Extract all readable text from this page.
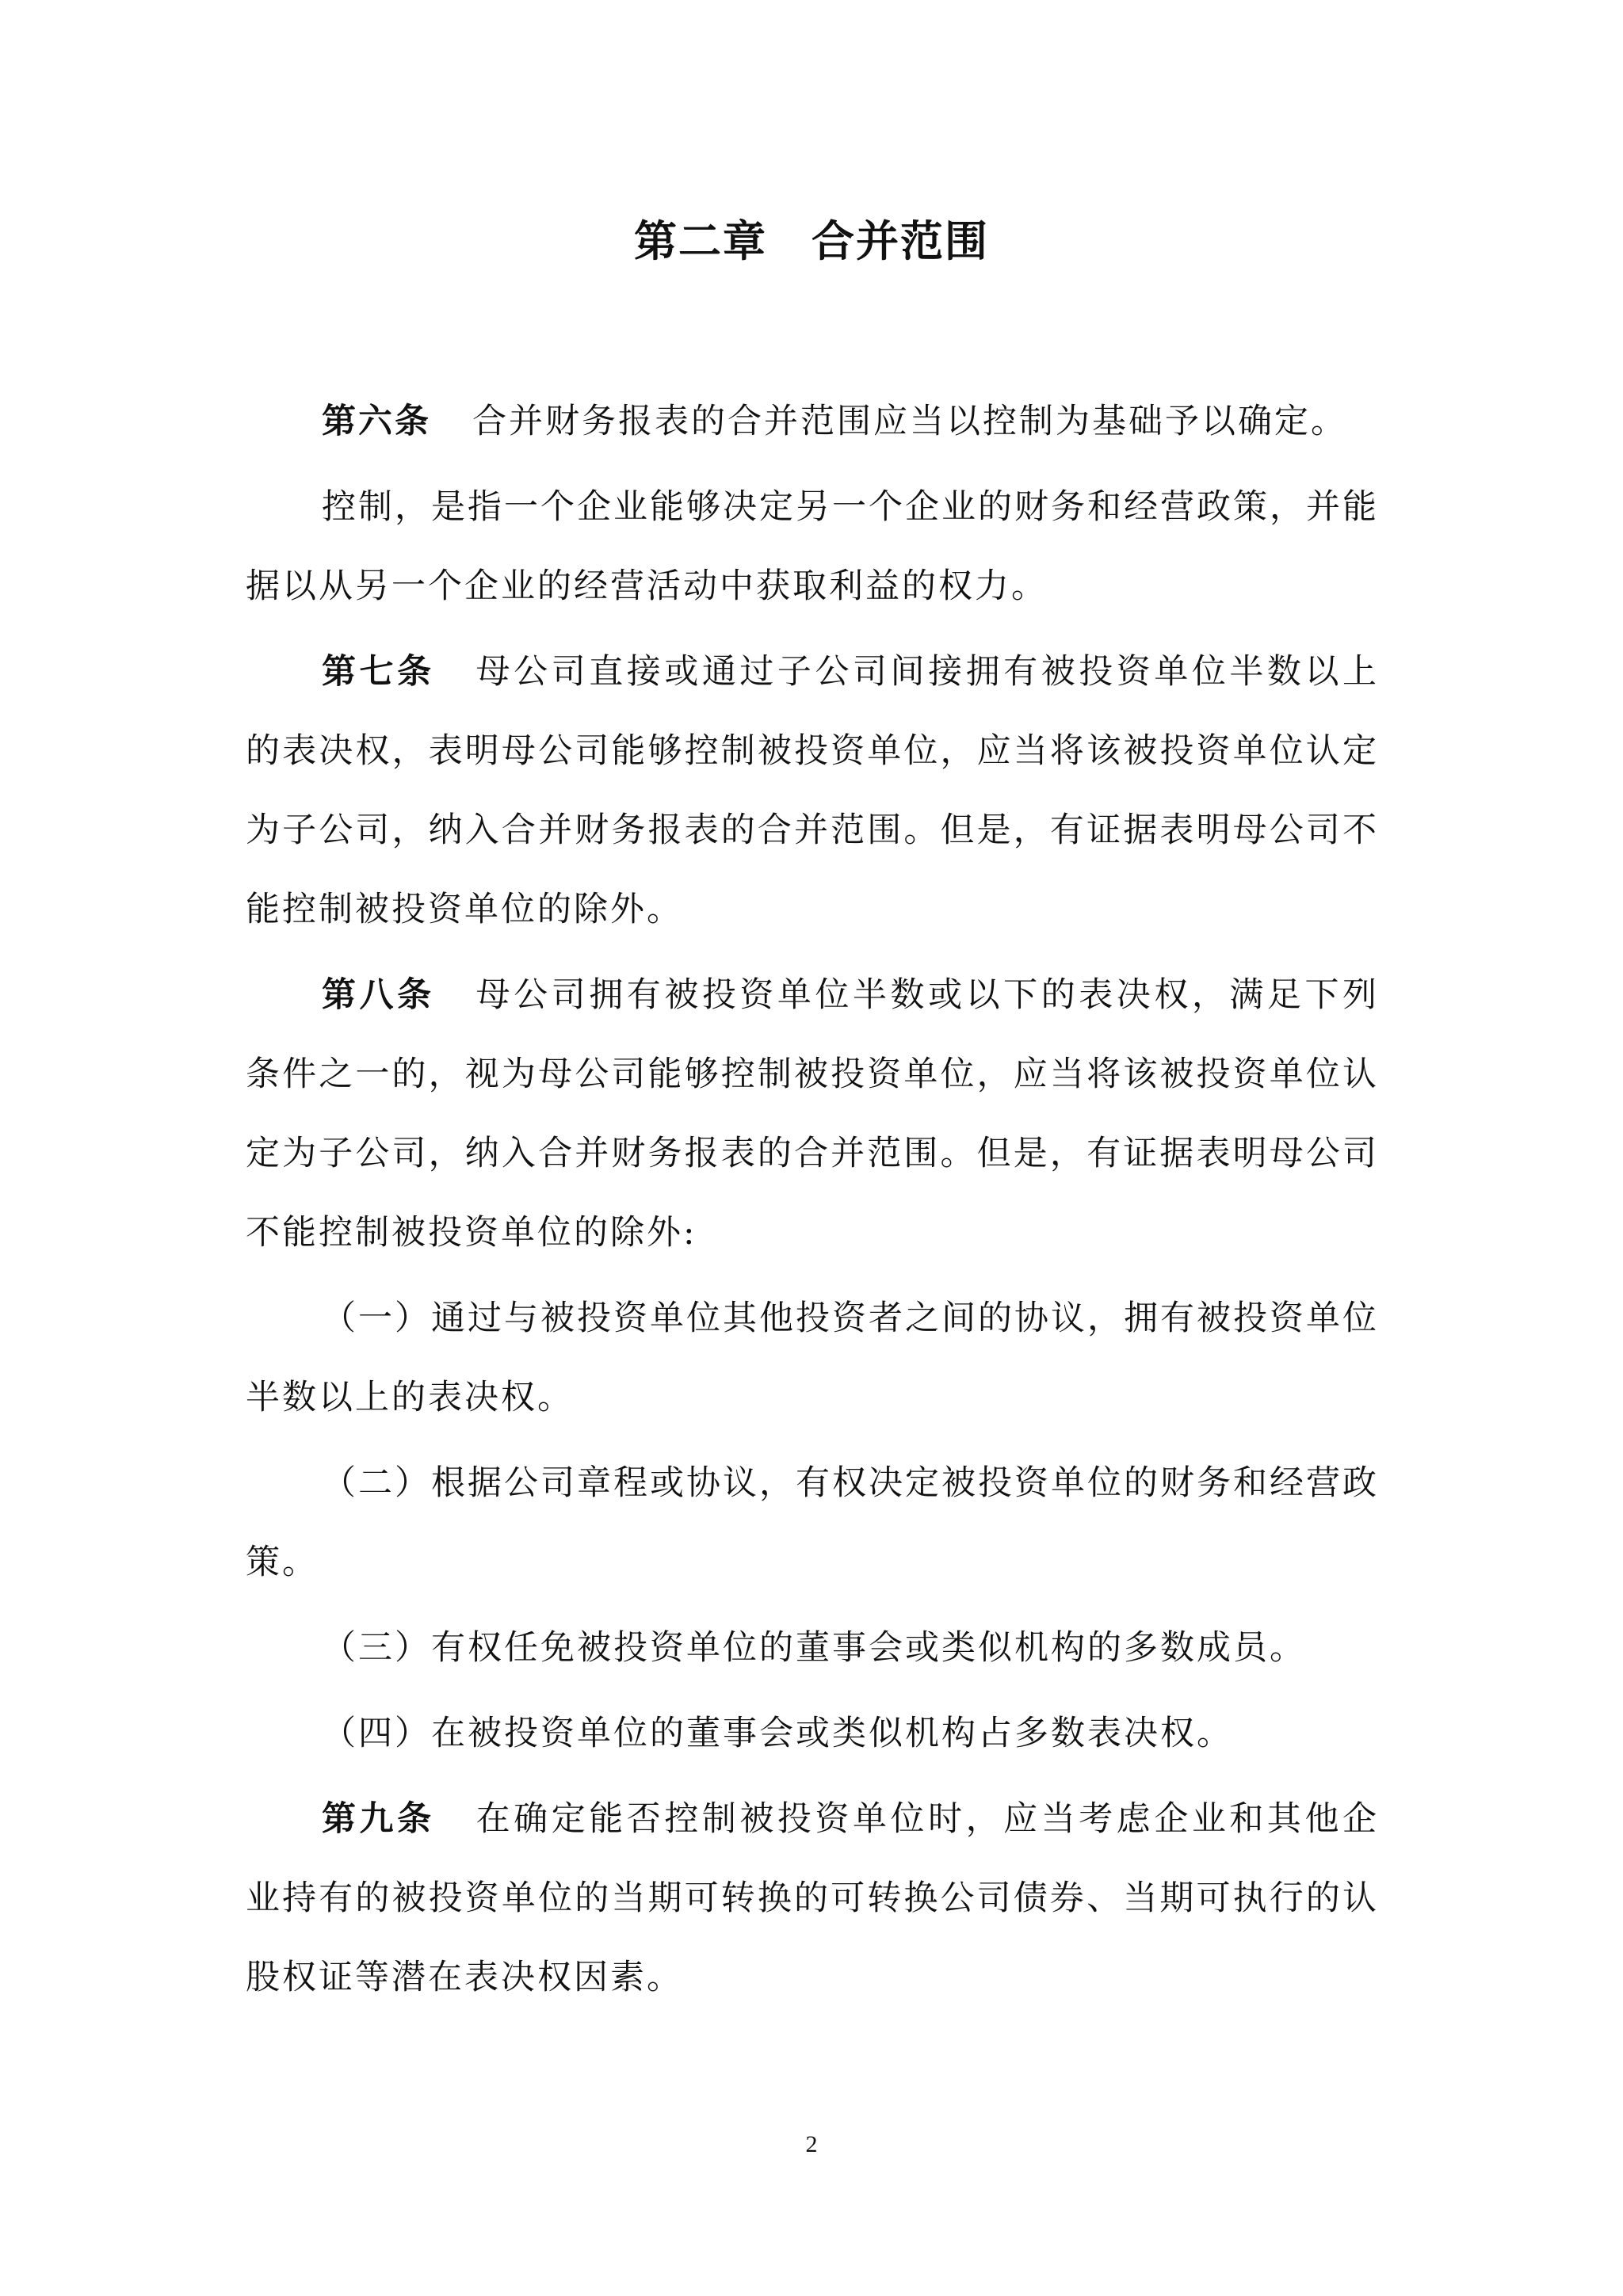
第二章　合并范围

第六条 合并财务报表的合并范围应当以控制为基础予以确定。

控制，是指一个企业能够决定另一个企业的财务和经营政策，并能据以从另一个企业的经营活动中获取利益的权力。

第七条 母公司直接或通过子公司间接拥有被投资单位半数以上的表决权，表明母公司能够控制被投资单位，应当将该被投资单位认定为子公司，纳入合并财务报表的合并范围。但是，有证据表明母公司不能控制被投资单位的除外。

第八条 母公司拥有被投资单位半数或以下的表决权，满足下列条件之一的，视为母公司能够控制被投资单位，应当将该被投资单位认定为子公司，纳入合并财务报表的合并范围。但是，有证据表明母公司不能控制被投资单位的除外:

（一）通过与被投资单位其他投资者之间的协议，拥有被投资单位半数以上的表决权。

（二）根据公司章程或协议，有权决定被投资单位的财务和经营政策。

（三）有权任免被投资单位的董事会或类似机构的多数成员。

（四）在被投资单位的董事会或类似机构占多数表决权。

第九条 在确定能否控制被投资单位时，应当考虑企业和其他企业持有的被投资单位的当期可转换的可转换公司债券、当期可执行的认股权证等潜在表决权因素。

2
